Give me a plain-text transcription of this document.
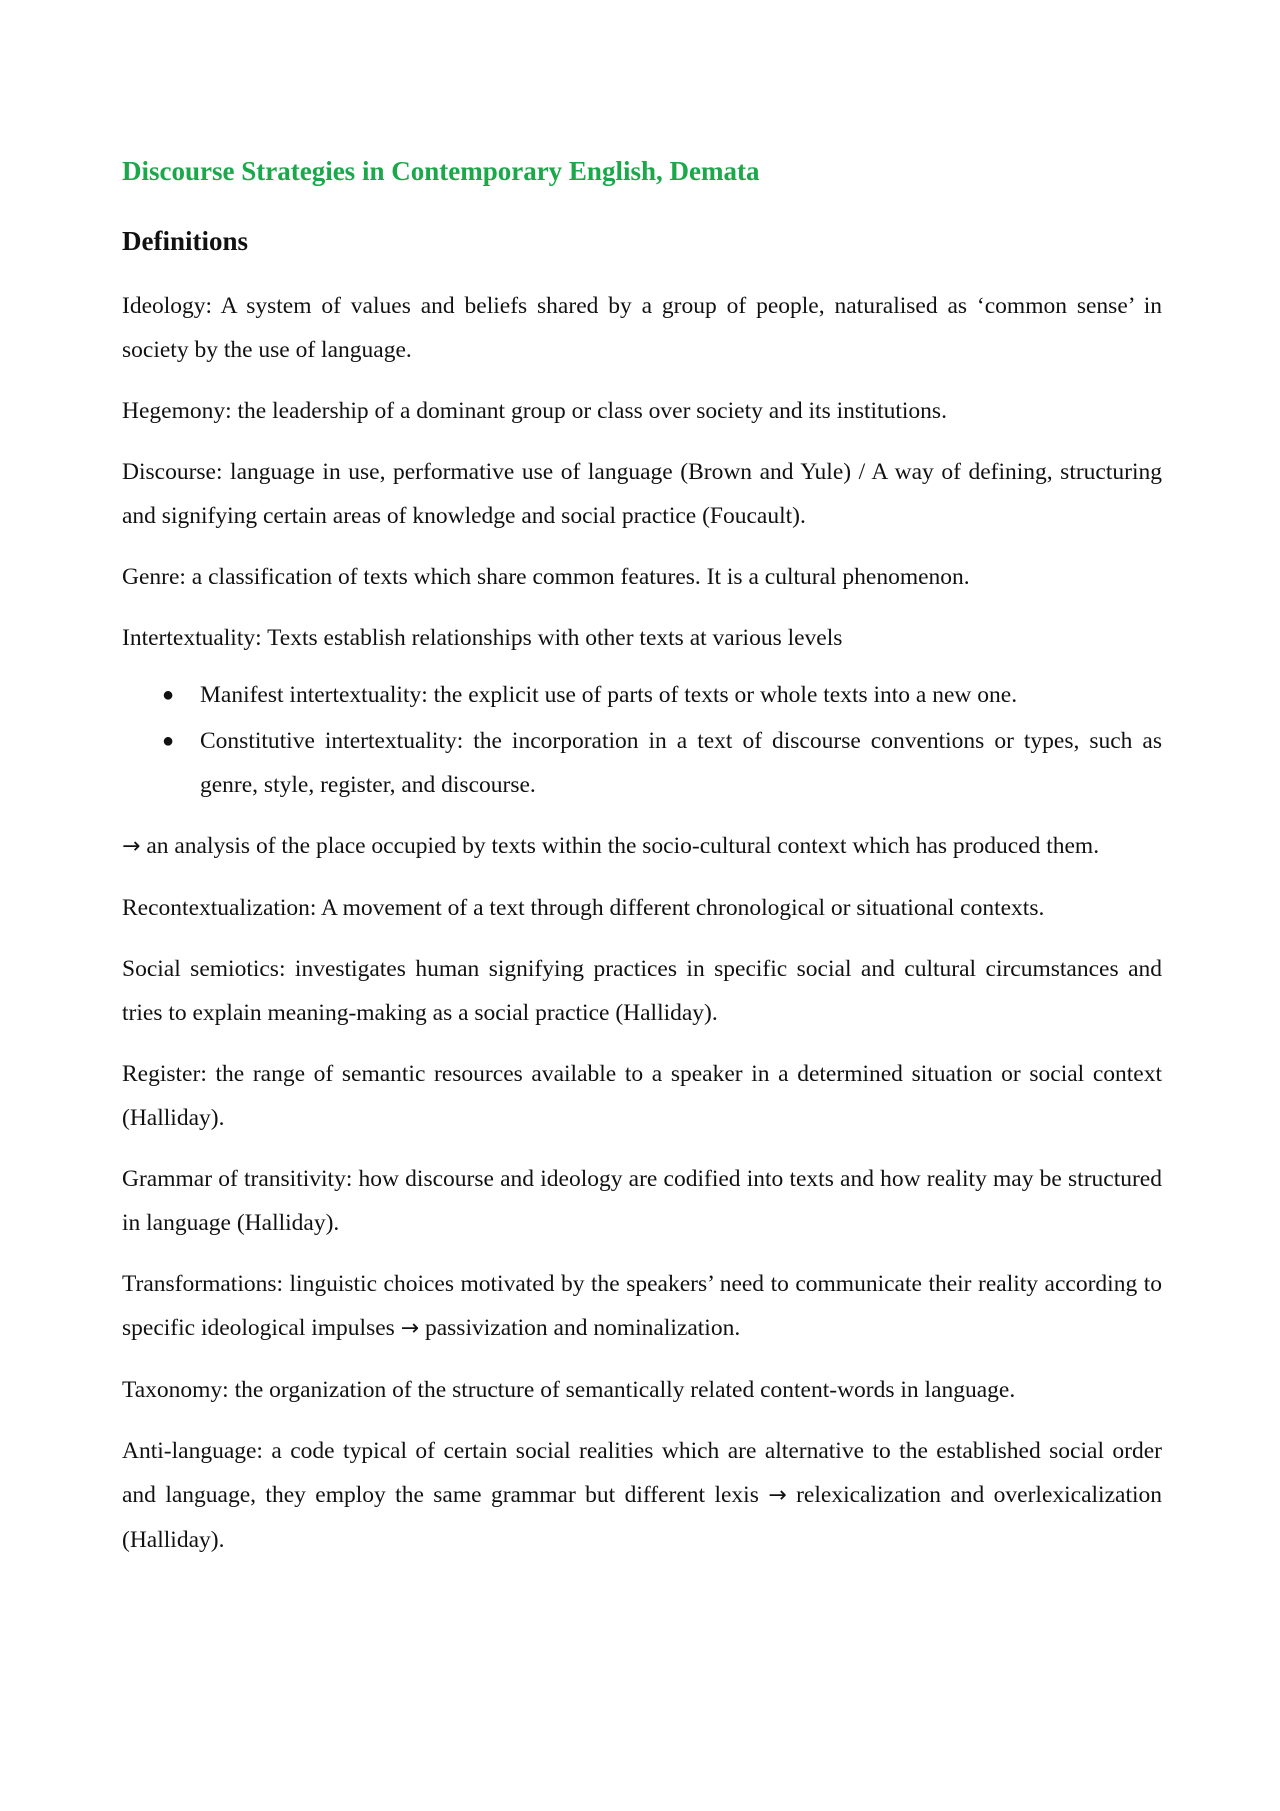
Discourse Strategies in Contemporary English, Demata
Definitions

Ideology: A system of values and beliefs shared by a group of people, naturalised as ‘common sense’ in society by the use of language.

Hegemony: the leadership of a dominant group or class over society and its institutions.

Discourse: language in use, performative use of language (Brown and Yule) / A way of defining, structuring and signifying certain areas of knowledge and social practice (Foucault).

Genre: a classification of texts which share common features. It is a cultural phenomenon.

Intertextuality: Texts establish relationships with other texts at various levels

● Manifest intertextuality: the explicit use of parts of texts or whole texts into a new one.
● Constitutive intertextuality: the incorporation in a text of discourse conventions or types, such as genre, style, register, and discourse.

→ an analysis of the place occupied by texts within the socio-cultural context which has produced them.

Recontextualization: A movement of a text through different chronological or situational contexts.

Social semiotics: investigates human signifying practices in specific social and cultural circumstances and tries to explain meaning-making as a social practice (Halliday).

Register: the range of semantic resources available to a speaker in a determined situation or social context (Halliday).

Grammar of transitivity: how discourse and ideology are codified into texts and how reality may be structured in language (Halliday).

Transformations: linguistic choices motivated by the speakers’ need to communicate their reality according to specific ideological impulses → passivization and nominalization.

Taxonomy: the organization of the structure of semantically related content-words in language.

Anti-language: a code typical of certain social realities which are alternative to the established social order and language, they employ the same grammar but different lexis → relexicalization and overlexicalization (Halliday).
